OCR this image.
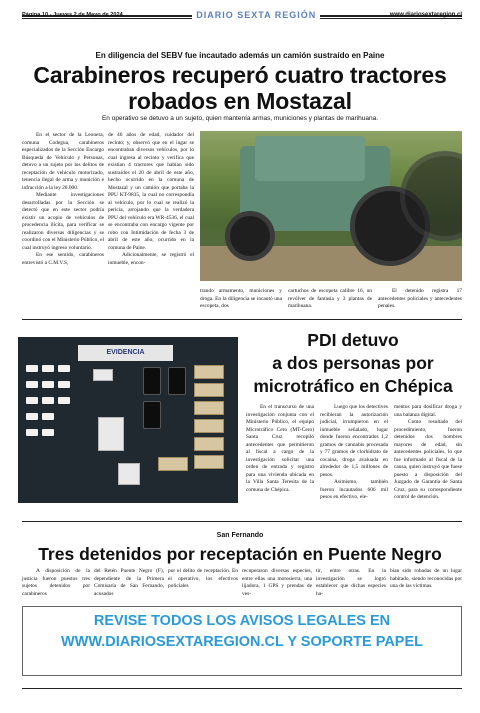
Página 10 - Jueves 2 de Mayo de 2024	DIARIO SEXTA REGIÓN	www.diariosextaregion.cl
En diligencia del SEBV fue incautado además un camión sustraído en Paine
Carabineros recuperó cuatro tractores
robados en Mostazal
En operativo se detuvo a un sujeto, quien mantenía armas, municiones y plantas de marihuana.

En el sector de la Leonera, comuna Codegua, carabineros especializados de la Sección Encargo Búsqueda de Vehículo y Personas, detuvo a un sujeto por los delitos de receptación de vehículo motorizado, tenencia ilegal de arma y munición e infracción a la ley 20.000.

Mediante investigaciones desarrolladas por la Sección se detectó que en este sector podría existir un acopio de vehículos de procedencia ilícita, para verificar se realizaron diversas diligencias y se coordinó con el Ministerio Público, el cual instruyó ingreso voluntario.

En ese sentido, carabineros entrevistó a C.M.V.S,

de 46 años de edad, cuidador del recinto; y, observó que en el lugar se encontraban diversos vehículos, por lo cual ingresa al recinto y verifica que existían 4 tractores que habían sido sustraídos el 20 de abril de este año, hecho ocurrido en la comuna de Mostazal y un camión que portaba la PPU KT-9835, la cual no correspondía al vehículo, por lo cual se realizó la pericia, arrojando que la verdadera PPU del vehículo era WR-4536, el cual se encontraba con encargo vigente por robo con Intimidación de fecha 3 de abril de este año, ocurrido en la comuna de Paine.

Adicionalmente, se registró el inmueble, encon-

trando armamento, municiones y droga. En la diligencia se incautó una escopeta, dos

cartuchos de escopeta calibre 16, un revólver de fantasía y 3 plantas de marihuana.

El detenido registra 17 antecedentes policiales y antecedentes penales.

EVIDENCIA
PDI detuvo
a dos personas por
microtráfico en Chépica

En el transcurso de una investigación conjunta con el Ministerio Público, el equipo Microtráfico Cero (MT-Cero) Santa Cruz recopiló antecedentes que permitieron al fiscal a cargo de la investigación solicitar una orden de entrada y registro para una vivienda ubicada en la Villa Santa Teresita de la comuna de Chépica.

Luego que los detectives recibieran la autorización judicial, irrumpieron en el inmueble señalado, lugar donde fueron encontrados 1,2 gramos de cannabis procesada y 77 gramos de clorhidrato de cocaína, droga avaluada en alrededor de 1,5 millones de pesos.

Asimismo, también fueron incautados 606 mil pesos en efectivo, ele-

mentos para dosificar droga y una balanza digital.

Como resultado del procedimiento, fueron detenidos dos hombres mayores de edad, sin antecedentes policiales, lo que fue informado al fiscal de la causa, quien instruyó que fuese puesto a disposición del Juzgado de Garantía de Santa Cruz, para su correspondiente control de detención.

San Fernando
Tres detenidos por receptación en Puente Negro

A disposición de la justicia fueron puestos tres sujetos detenidos por carabineros

del Retén Puente Negro (F), dependiente de la Primera Comisaría de San Fernando, acusados

por el delito de receptación. En el operativo, los efectivos policiales

recuperaron diversas especies, entre ellas una motosierra, una lijadora, 1 GPS y prendas de ves-

tir, entre otras. En la investigación se logró establecer que dichas especies ha-

bían sido robadas de un lugar habitado, siendo reconocidas por una de las víctimas.

REVISE TODOS LOS AVISOS LEGALES EN
WWW.DIARIOSEXTAREGION.CL Y SOPORTE PAPEL
